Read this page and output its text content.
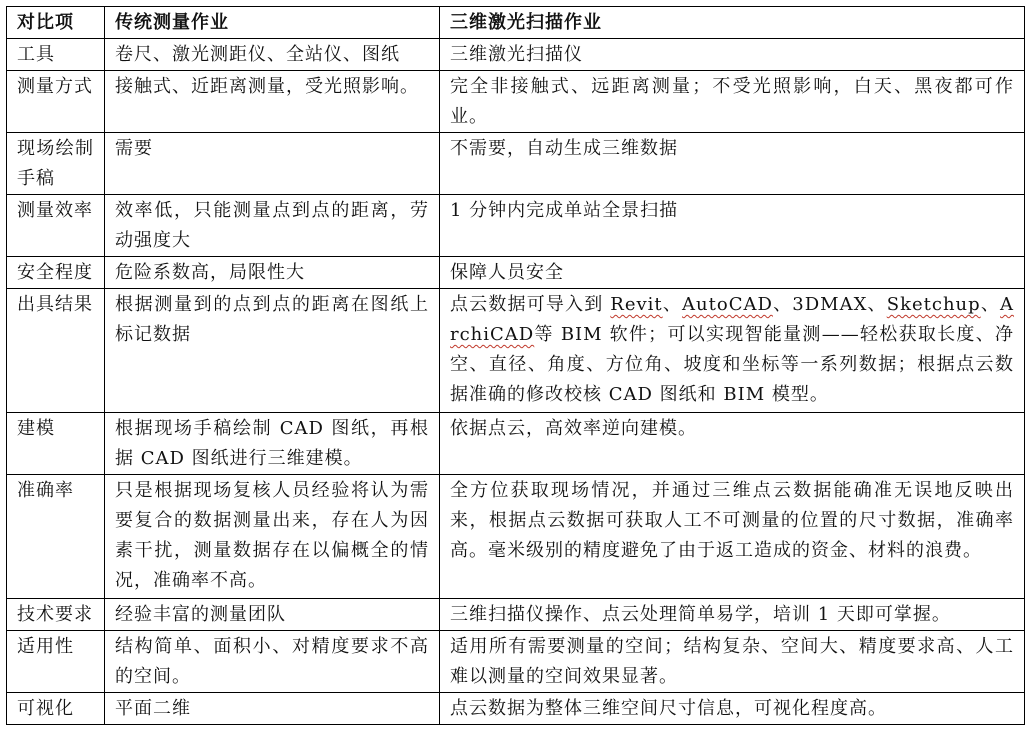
对比项	传统测量作业	三维激光扫描作业
工具	卷尺、激光测距仪、全站仪、图纸	三维激光扫描仪
测量方式	接触式、近距离测量，受光照影响。	完全非接触式、远距离测量；不受光照影响，白天、黑夜都可作业。
现场绘制手稿	需要	不需要，自动生成三维数据
测量效率	效率低，只能测量点到点的距离，劳动强度大	1 分钟内完成单站全景扫描
安全程度	危险系数高，局限性大	保障人员安全
出具结果	根据测量到的点到点的距离在图纸上标记数据	点云数据可导入到 Revit、AutoCAD、3DMAX、Sketchup、ArchiCAD等 BIM 软件；可以实现智能量测——轻松获取长度、净空、直径、角度、方位角、坡度和坐标等一系列数据；根据点云数据准确的修改校核 CAD 图纸和 BIM 模型。
建模	根据现场手稿绘制 CAD 图纸，再根据 CAD 图纸进行三维建模。	依据点云，高效率逆向建模。
准确率	只是根据现场复核人员经验将认为需要复合的数据测量出来，存在人为因素干扰，测量数据存在以偏概全的情况，准确率不高。	全方位获取现场情况，并通过三维点云数据能确准无误地反映出来，根据点云数据可获取人工不可测量的位置的尺寸数据，准确率高。毫米级别的精度避免了由于返工造成的资金、材料的浪费。
技术要求	经验丰富的测量团队	三维扫描仪操作、点云处理简单易学，培训 1 天即可掌握。
适用性	结构简单、面积小、对精度要求不高的空间。	适用所有需要测量的空间；结构复杂、空间大、精度要求高、人工难以测量的空间效果显著。
可视化	平面二维	点云数据为整体三维空间尺寸信息，可视化程度高。
